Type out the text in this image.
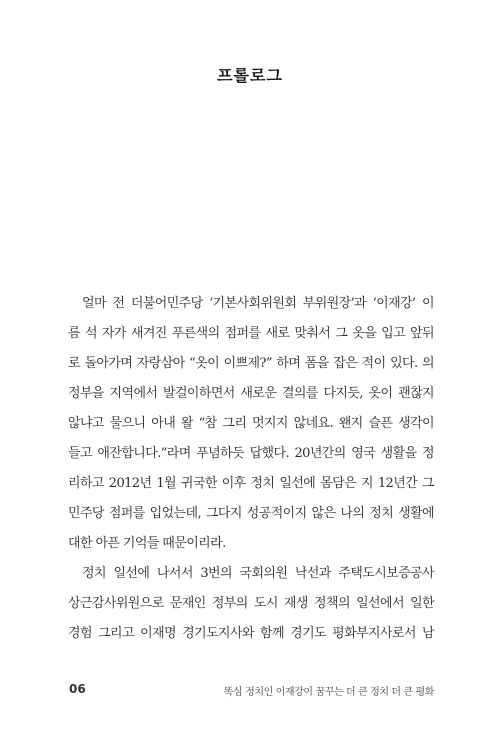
프롤로그
얼마 전 더불어민주당 ‘기본사회위원회 부위원장’과 ‘이재강’ 이
름 석 자가 새겨진 푸른색의 점퍼를 새로 맞춰서 그 옷을 입고 앞뒤
로 돌아가며 자랑삼아 “옷이 이쁘제?” 하며 폼을 잡은 적이 있다. 의
정부을 지역에서 발걸이하면서 새로운 결의를 다지듯, 옷이 괜찮지
않냐고 물으니 아내 왈 “참 그리 멋지지 않네요. 왠지 슬픈 생각이
들고 애잔합니다.”라며 푸념하듯 답했다. 20년간의 영국 생활을 정
리하고 2012년 1월 귀국한 이후 정치 일선에 몸담은 지 12년간 그
민주당 점퍼를 입었는데, 그다지 성공적이지 않은 나의 정치 생활에
대한 아픈 기억들 때문이리라.
정치 일선에 나서서 3번의 국회의원 낙선과 주택도시보증공사
상근감사위원으로 문재인 정부의 도시 재생 정책의 일선에서 일한
경험 그리고 이재명 경기도지사와 함께 경기도 평화부지사로서 남
06	똑심 정치인 이재강이 꿈꾸는 더 큰 정치 더 큰 평화
